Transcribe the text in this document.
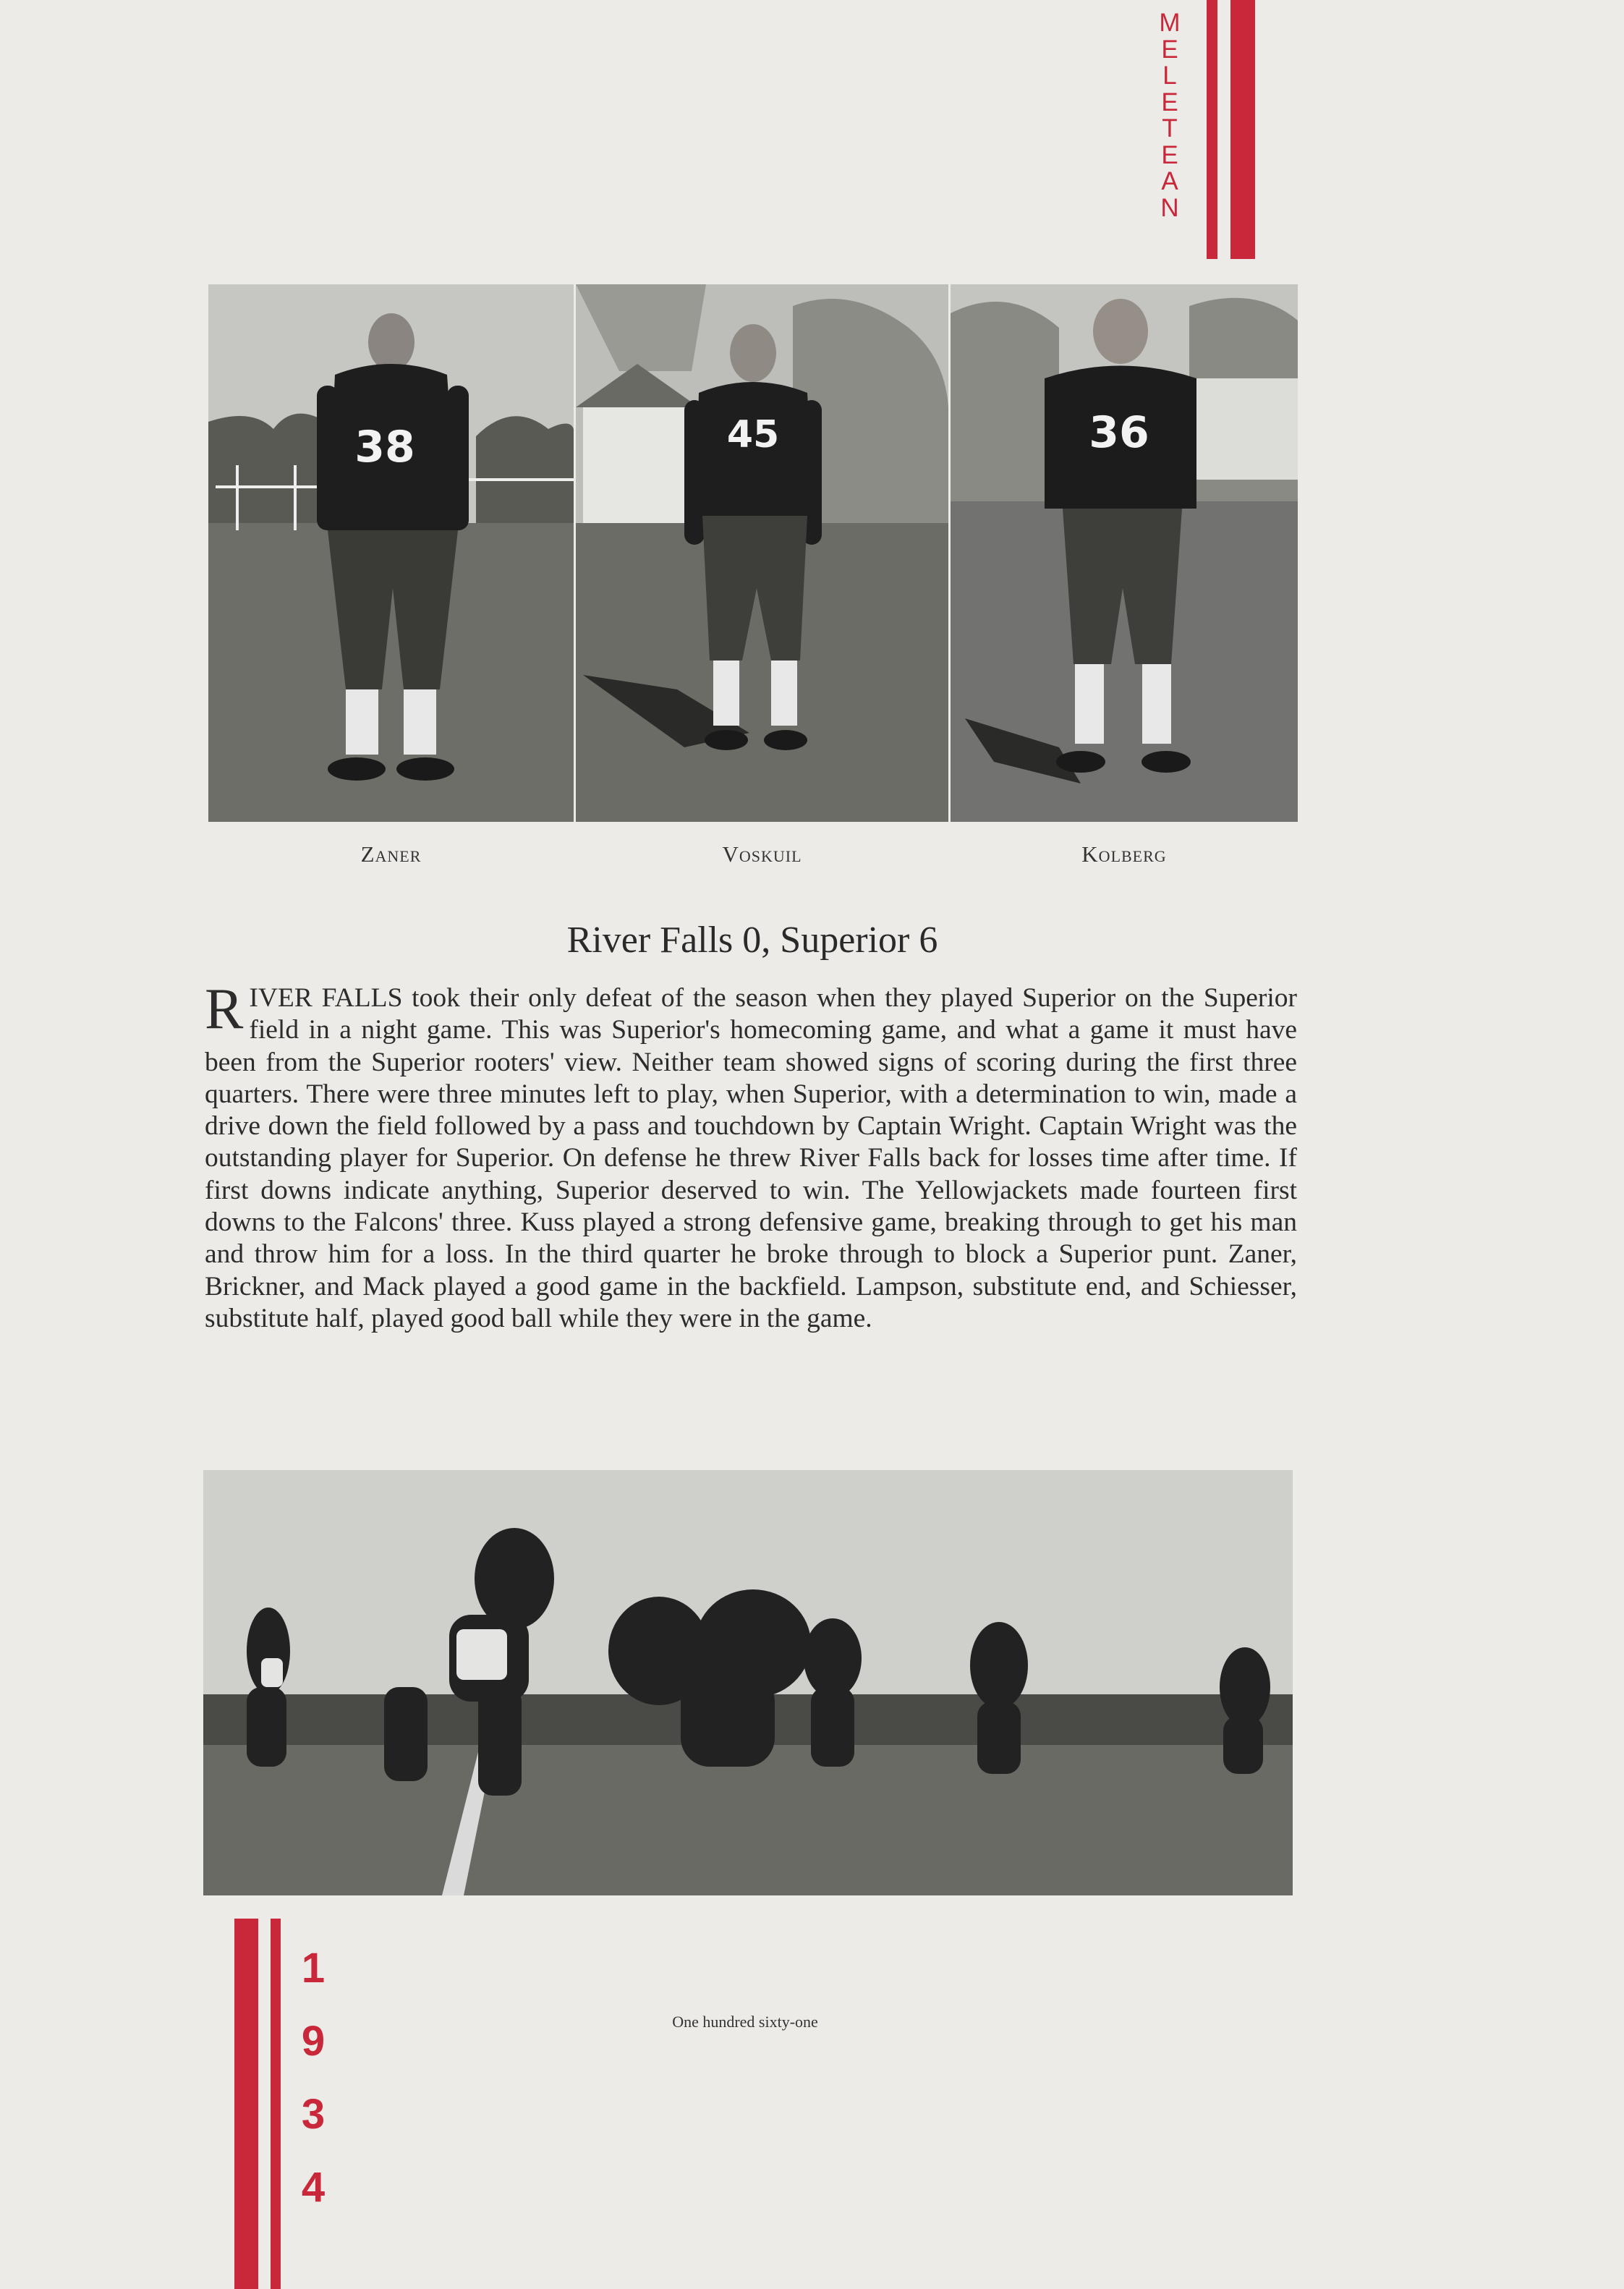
M
E
L
E
T
E
A
N
38	45	36
Zaner	Voskuil	Kolberg
River Falls 0, Superior 6
R IVER FALLS took their only defeat of the season when they played Superior on the Superior field in a night game. This was Superior's homecoming game, and what a game it must have been from the Superior rooters' view. Neither team showed signs of scoring during the first three quarters. There were three minutes left to play, when Superior, with a determination to win, made a drive down the field followed by a pass and touchdown by Captain Wright. Captain Wright was the outstanding player for Superior. On defense he threw River Falls back for losses time after time. If first downs indicate anything, Superior deserved to win. The Yellowjackets made fourteen first downs to the Falcons' three. Kuss played a strong defensive game, breaking through to get his man and throw him for a loss. In the third quarter he broke through to block a Superior punt. Zaner, Brickner, and Mack played a good game in the backfield. Lampson, substitute end, and Schiesser, substitute half, played good ball while they were in the game.
1
9
3
4
One hundred sixty-one
